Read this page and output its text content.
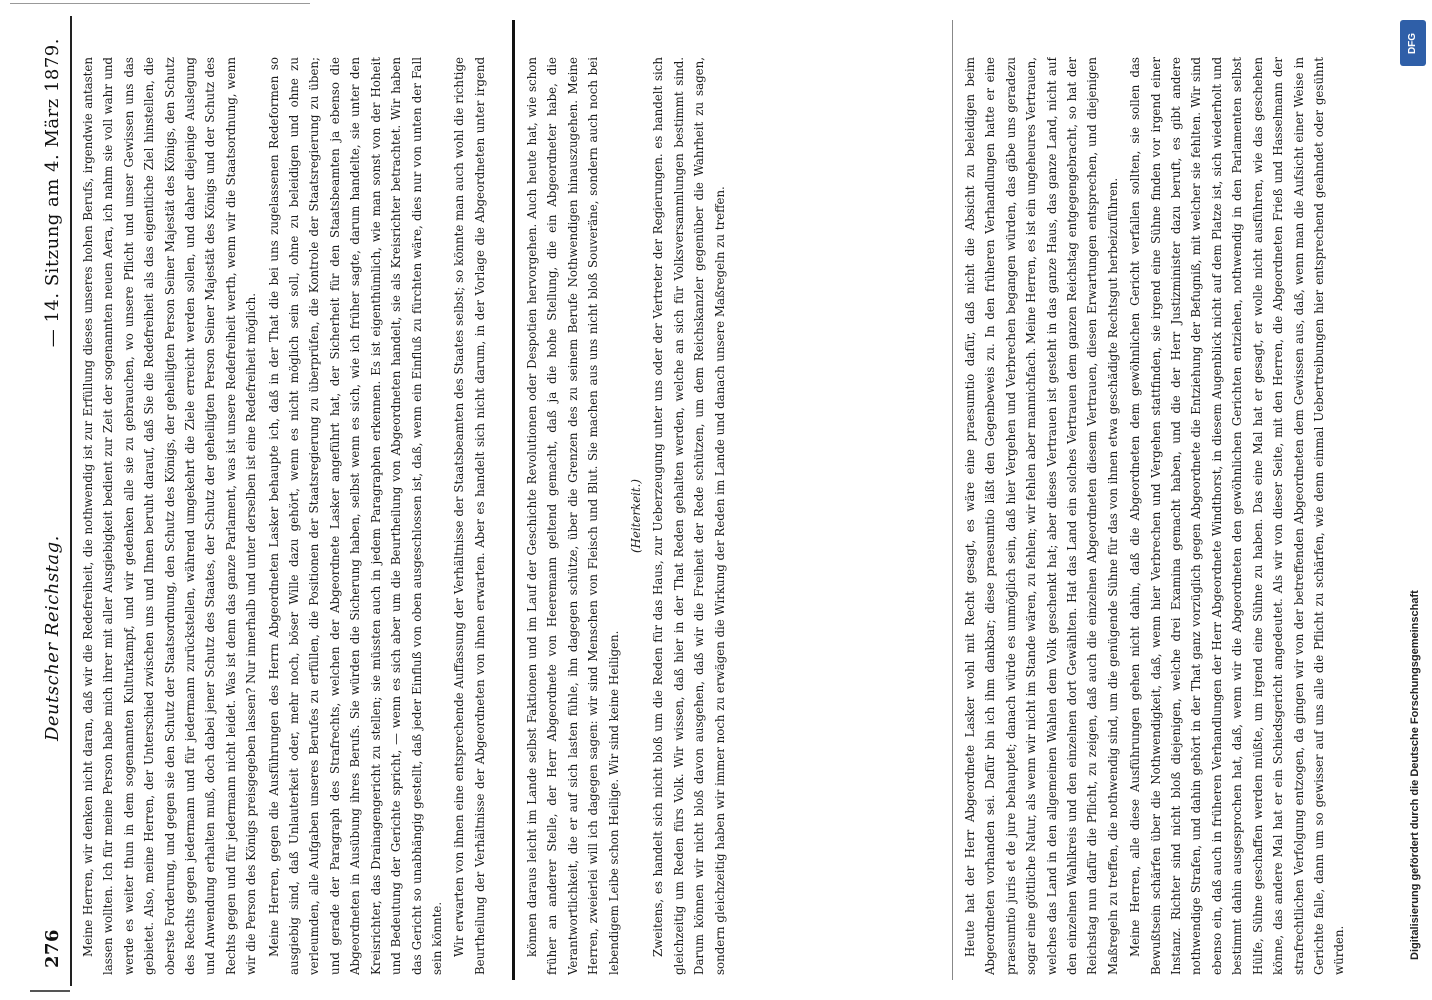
276
Deutscher Reichstag.
— 14. Sitzung am 4. März 1879. Meine Herren, wir denken nicht daran, daß wir die Redefreiheit, die nothwendig ist zur Erfüllung dieses unseres hohen Berufs, irgendwie antasten lassen wollten. Ich für meine Person habe mich ihrer mit aller Ausgiebigkeit bedient zur Zeit der sogenannten neuen Aera, ich nahm sie voll wahr und werde es weiter thun in dem sogenannten Kulturkampf, und wir gedenken alle sie zu gebrauchen, wo unsere Pflicht und unser Gewissen uns das gebietet. Also, meine Herren, der Unterschied zwischen uns und Ihnen beruht darauf, daß Sie die Redefreiheit als das eigentliche Ziel hinstellen, die oberste Forderung, und gegen sie den Schutz der Staatsordnung, den Schutz des Königs, der geheiligten Person Seiner Majestät des Königs, den Schutz des Rechts gegen jedermann und für jedermann zurückstellen, während umgekehrt die Ziele erreicht werden sollen, und daher diejenige Auslegung und Anwendung erhalten muß, doch dabei jener Schutz des Staates, der Schutz der geheiligten Person Seiner Majestät des Königs und der Schutz des Rechts gegen und für jedermann nicht leidet. Was ist denn das ganze Parlament, was ist unsere Redefreiheit werth, wenn wir die Staatsordnung, wenn wir die Person des Königs preisgegeben lassen? Nur innerhalb und unter derselben ist eine Redefreiheit möglich. Meine Herren, gegen die Ausführungen des Herrn Abgeordneten Lasker behaupte ich, daß in der That die bei uns zugelassenen Redeformen so ausgiebig sind, daß Unlauterkeit oder, mehr noch, böser Wille dazu gehört, wenn es nicht möglich sein soll, ohne zu beleidigen und ohne zu verleumden, alle Aufgaben unseres Berufes zu erfüllen, die Positionen der Staatsregierung zu überprüfen, die Kontrole der Staatsregierung zu üben; und gerade der Paragraph des Strafrechts, welchen der Abgeordnete Lasker angeführt hat, der Sicherheit für den Staatsbeamten ja ebenso die Abgeordneten in Ausübung ihres Berufs. Sie würden die Sicherung haben, selbst wenn es sich, wie ich früher sagte, darum handelte, sie unter den Kreisrichter, das Drainagengericht zu stellen; sie müssten auch in jedem Paragraphen erkennen. Es ist eigenthümlich, wie man sonst von der Hoheit und Bedeutung der Gerichte spricht, — wenn es sich aber um die Beurtheilung von Abgeordneten handelt, sie als Kreisrichter betrachtet. Wir haben das Gericht so unabhängig gestellt, daß jeder Einfluß von oben ausgeschlossen ist, daß, wenn ein Einfluß zu fürchten wäre, dies nur von unten der Fall sein könnte. Wir erwarten von ihnen eine entsprechende Auffassung der Verhältnisse der Staatsbeamten des Staates selbst; so könnte man auch wohl die richtige Beurtheilung der Verhältnisse der Abgeordneten von ihnen erwarten. Aber es handelt sich nicht darum, in der Vorlage die Abgeordneten unter irgend	können daraus leicht im Lande selbst Faktionen und im Lauf der Geschichte Revolutionen oder Despotien hervorgehen. Auch heute hat, wie schon früher an anderer Stelle, der Herr Abgeordnete von Heeremann geltend gemacht, daß ja die hohe Stellung, die ein Abgeordneter habe, die Verantwortlichkeit, die er auf sich lasten fühle, ihn dagegen schütze, über die Grenzen des zu seinem Berufe Nothwendigen hinauszugehen. Meine Herren, zweierlei will ich dagegen sagen: wir sind Menschen von Fleisch und Blut. Sie machen aus uns nicht bloß Souveräne, sondern auch noch bei lebendigem Leibe schon Heilige. Wir sind keine Heiligen.

(Heiterkeit.) Zweitens, es handelt sich nicht bloß um die Reden für das Haus, zur Ueberzeugung unter uns oder der Vertreter der Regierungen. es handelt sich gleichzeitig um Reden fürs Volk. Wir wissen, daß hier in der That Reden gehalten werden, welche an sich für Volksversammlungen bestimmt sind. Darum können wir nicht bloß davon ausgehen, daß wir die Freiheit der Rede schützen, um dem Reichskanzler gegenüber die Wahrheit zu sagen, sondern gleichzeitig haben wir immer noch zu erwägen die Wirkung der Reden im Lande und danach unsere Maßregeln zu treffen.	Heute hat der Herr Abgeordnete Lasker wohl mit Recht gesagt, es wäre eine praesumtio dafür, daß nicht die Absicht zu beleidigen beim Abgeordneten vorhanden sei. Dafür bin ich ihm dankbar; diese praesumtio läßt den Gegenbeweis zu. In den früheren Verhandlungen hatte er eine praesumtio juris et de jure behauptet; danach würde es unmöglich sein, daß hier Vergehen und Verbrechen begangen würden, das gäbe uns geradezu sogar eine göttliche Natur, als wenn wir nicht im Stande wären, zu fehlen; wir fehlen aber mannichfach. Meine Herren, es ist ein ungeheures Vertrauen, welches das Land in den allgemeinen Wahlen dem Volk geschenkt hat; aber dieses Vertrauen ist gesteht in das ganze Haus, das ganze Land, nicht auf den einzelnen Wahlkreis und den einzelnen dort Gewählten. Hat das Land ein solches Vertrauen dem ganzen Reichstag entgegengebracht, so hat der Reichstag nun dafür die Pflicht, zu zeigen, daß auch die einzelnen Abgeordneten diesem Vertrauen, diesen Erwartungen entsprechen, und diejenigen Maßregeln zu treffen, die nothwendig sind, um die genügende Sühne für das von ihnen etwa geschädigte Rechtsgut herbeizuführen. Meine Herren, alle diese Ausführungen gehen nicht dahin, daß die Abgeordneten dem gewöhnlichen Gericht verfallen sollten, sie sollen das Bewußtsein schärfen über die Nothwendigkeit, daß, wenn hier Verbrechen und Vergehen stattfinden, sie irgend eine Sühne finden vor irgend einer Instanz. Richter sind nicht bloß diejenigen, welche drei Examina gemacht haben, und die der Herr Justizminister dazu beruft, es gibt andere nothwendige Strafen, und dahin gehört in der That ganz vorzüglich gegen Abgeordnete die Entziehung der Befugniß, mit welcher sie fehlten. Wir sind ebenso ein, daß auch in früheren Verhandlungen der Herr Abgeordnete Windthorst, in diesem Augenblick nicht auf dem Platze ist, sich wiederholt und bestimmt dahin ausgesprochen hat, daß, wenn wir die Abgeordneten den gewöhnlichen Gerichten entziehen, nothwendig in den Parlamenten selbst Hülfe, Sühne geschaffen werden müßte, um irgend eine Sühne zu haben. Das eine Mal hat er gesagt, er wolle nicht ausführen, wie das geschehen könne, das andere Mal hat er ein Schiedsgericht angedeutet. Als wir von dieser Seite, mit den Herren, die Abgeordneten Frieß und Hasselmann der strafrechtlichen Verfolgung entzogen, da gingen wir von der betreffenden Abgeordneten dem Gewissen aus, daß, wenn man die Aufsicht einer Weise in Gerichte falle, dann um so gewisser auf uns alle die Pflicht zu schärfen, wie denn einmal Uebertreibungen hier entsprechend geahndet oder gesühnt würden.

DFG
Digitalisierung gefördert durch die Deutsche Forschungsgemeinschaft
